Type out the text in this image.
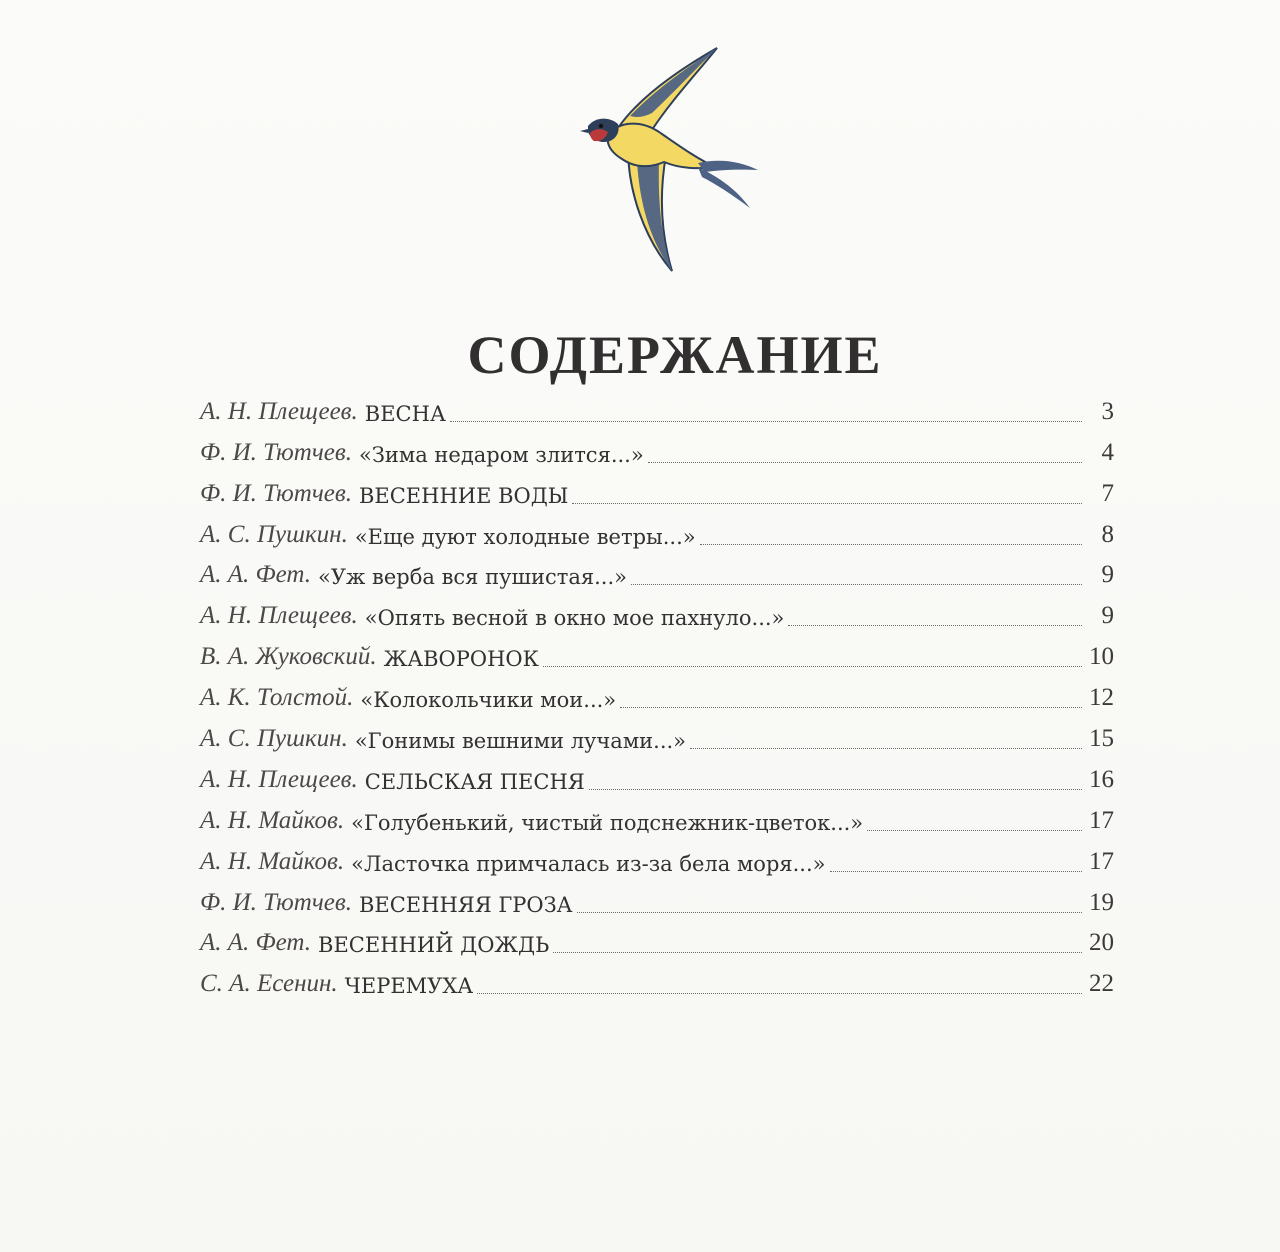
СОДЕРЖАНИЕ
А. Н. Плещеев. ВЕСНА	3
Ф. И. Тютчев. «Зима недаром злится...»	4
Ф. И. Тютчев. ВЕСЕННИЕ ВОДЫ	7
А. С. Пушкин. «Еще дуют холодные ветры...»	8
А. А. Фет. «Уж верба вся пушистая...»	9
А. Н. Плещеев. «Опять весной в окно мое пахнуло...»	9
В. А. Жуковский. ЖАВОРОНОК	10
А. К. Толстой. «Колокольчики мои...»	12
А. С. Пушкин. «Гонимы вешними лучами...»	15
А. Н. Плещеев. СЕЛЬСКАЯ ПЕСНЯ	16
А. Н. Майков. «Голубенький, чистый подснежник-цветок...»	17
А. Н. Майков. «Ласточка примчалась из-за бела моря...»	17
Ф. И. Тютчев. ВЕСЕННЯЯ ГРОЗА	19
А. А. Фет. ВЕСЕННИЙ ДОЖДЬ	20
С. А. Есенин. ЧЕРЕМУХА	22
